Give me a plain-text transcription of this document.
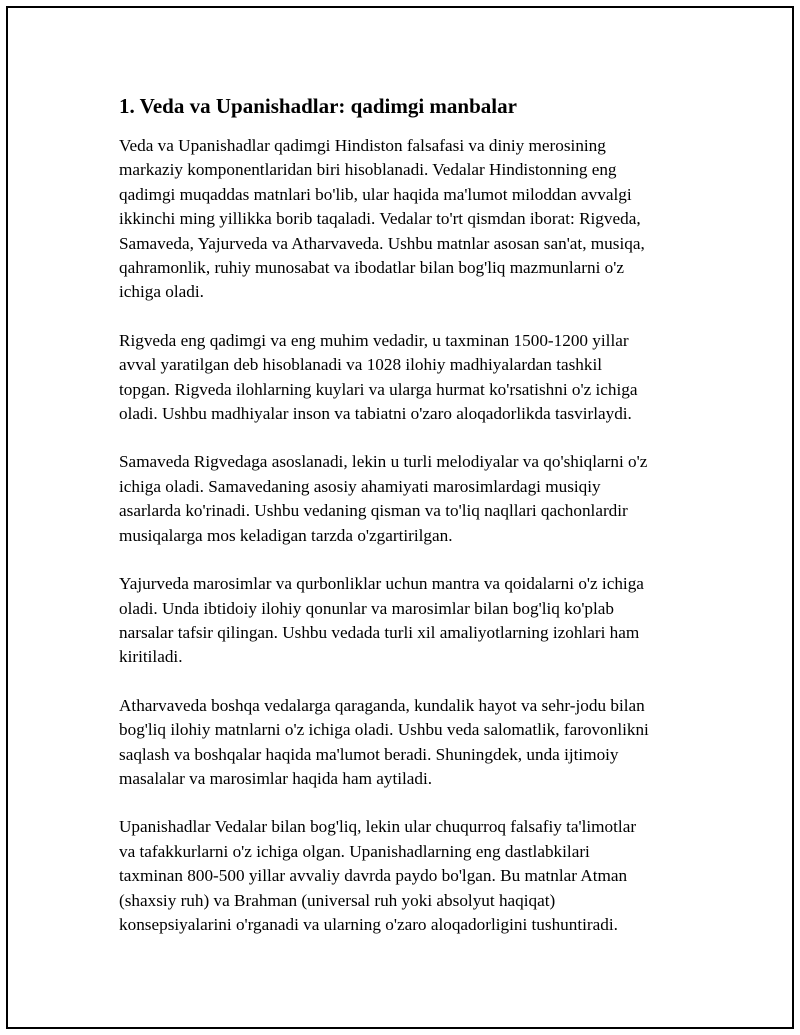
1. Veda va Upanishadlar: qadimgi manbalar

Veda va Upanishadlar qadimgi Hindiston falsafasi va diniy merosining
markaziy komponentlaridan biri hisoblanadi. Vedalar Hindistonning eng
qadimgi muqaddas matnlari bo'lib, ular haqida ma'lumot miloddan avvalgi
ikkinchi ming yillikka borib taqaladi. Vedalar to'rt qismdan iborat: Rigveda,
Samaveda, Yajurveda va Atharvaveda. Ushbu matnlar asosan san'at, musiqa,
qahramonlik, ruhiy munosabat va ibodatlar bilan bog'liq mazmunlarni o'z
ichiga oladi.

Rigveda eng qadimgi va eng muhim vedadir, u taxminan 1500-1200 yillar
avval yaratilgan deb hisoblanadi va 1028 ilohiy madhiyalardan tashkil
topgan. Rigveda ilohlarning kuylari va ularga hurmat ko'rsatishni o'z ichiga
oladi. Ushbu madhiyalar inson va tabiatni o'zaro aloqadorlikda tasvirlaydi.

Samaveda Rigvedaga asoslanadi, lekin u turli melodiyalar va qo'shiqlarni o'z
ichiga oladi. Samavedaning asosiy ahamiyati marosimlardagi musiqiy
asarlarda ko'rinadi. Ushbu vedaning qisman va to'liq naqllari qachonlardir
musiqalarga mos keladigan tarzda o'zgartirilgan.

Yajurveda marosimlar va qurbonliklar uchun mantra va qoidalarni o'z ichiga
oladi. Unda ibtidoiy ilohiy qonunlar va marosimlar bilan bog'liq ko'plab
narsalar tafsir qilingan. Ushbu vedada turli xil amaliyotlarning izohlari ham
kiritiladi.

Atharvaveda boshqa vedalarga qaraganda, kundalik hayot va sehr-jodu bilan
bog'liq ilohiy matnlarni o'z ichiga oladi. Ushbu veda salomatlik, farovonlikni
saqlash va boshqalar haqida ma'lumot beradi. Shuningdek, unda ijtimoiy
masalalar va marosimlar haqida ham aytiladi.

Upanishadlar Vedalar bilan bog'liq, lekin ular chuqurroq falsafiy ta'limotlar
va tafakkurlarni o'z ichiga olgan. Upanishadlarning eng dastlabkilari
taxminan 800-500 yillar avvaliy davrda paydo bo'lgan. Bu matnlar Atman
(shaxsiy ruh) va Brahman (universal ruh yoki absolyut haqiqat)
konsepsiyalarini o'rganadi va ularning o'zaro aloqadorligini tushuntiradi.
